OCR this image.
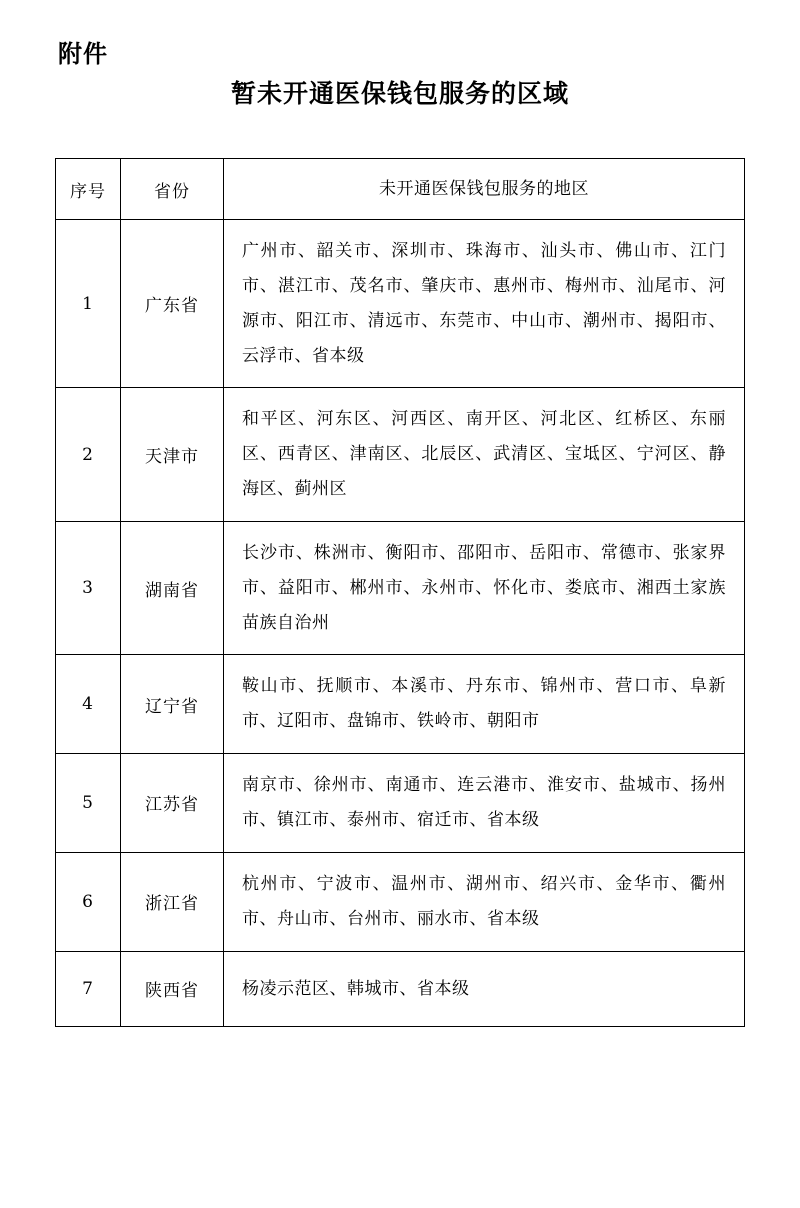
附件
暂未开通医保钱包服务的区域
序号	省份	未开通医保钱包服务的地区
1	广东省	广州市、韶关市、深圳市、珠海市、汕头市、佛山市、江门市、湛江市、茂名市、肇庆市、惠州市、梅州市、汕尾市、河源市、阳江市、清远市、东莞市、中山市、潮州市、揭阳市、云浮市、省本级
2	天津市	和平区、河东区、河西区、南开区、河北区、红桥区、东丽区、西青区、津南区、北辰区、武清区、宝坻区、宁河区、静海区、蓟州区
3	湖南省	长沙市、株洲市、衡阳市、邵阳市、岳阳市、常德市、张家界市、益阳市、郴州市、永州市、怀化市、娄底市、湘西土家族苗族自治州
4	辽宁省	鞍山市、抚顺市、本溪市、丹东市、锦州市、营口市、阜新市、辽阳市、盘锦市、铁岭市、朝阳市
5	江苏省	南京市、徐州市、南通市、连云港市、淮安市、盐城市、扬州市、镇江市、泰州市、宿迁市、省本级
6	浙江省	杭州市、宁波市、温州市、湖州市、绍兴市、金华市、衢州市、舟山市、台州市、丽水市、省本级
7	陕西省	杨凌示范区、韩城市、省本级
